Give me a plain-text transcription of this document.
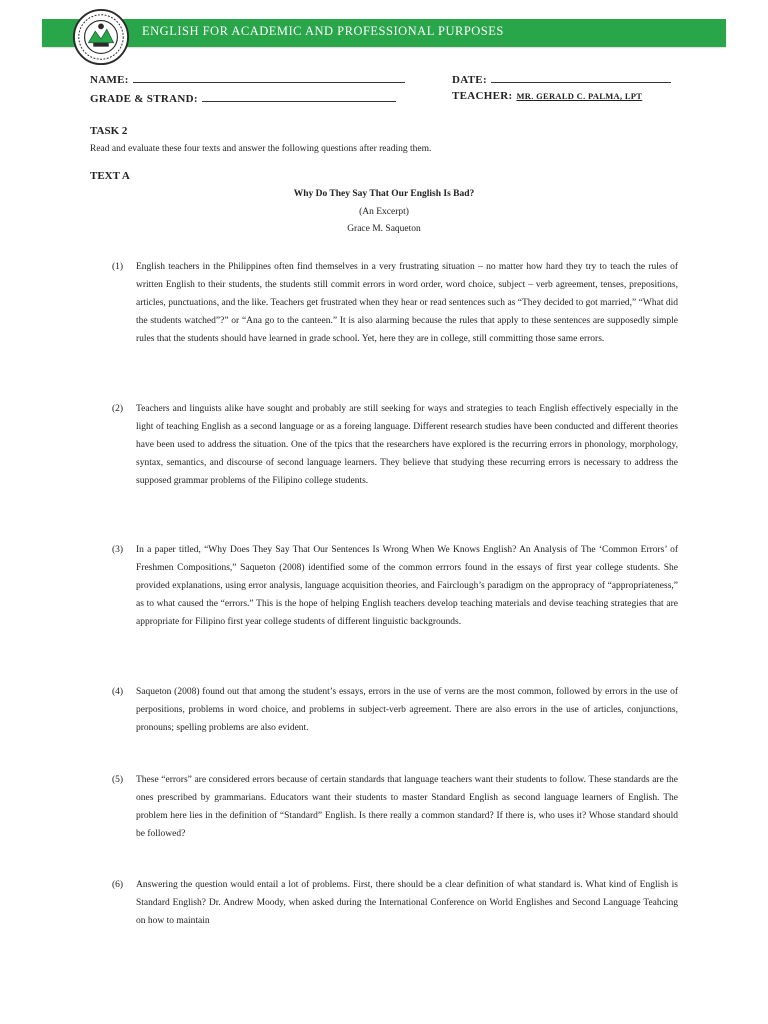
ENGLISH FOR ACADEMIC AND PROFESSIONAL PURPOSES
NAME:	DATE:
GRADE & STRAND:	TEACHER: MR. GERALD C. PALMA, LPT
TASK 2
Read and evaluate these four texts and answer the following questions after reading them.
TEXT A
Why Do They Say That Our English Is Bad?
(An Excerpt)
Grace M. Saqueton
(1) English teachers in the Philippines often find themselves in a very frustrating situation – no matter how hard they try to teach the rules of written English to their students, the students still commit errors in word order, word choice, subject – verb agreement, tenses, prepositions, articles, punctuations, and the like. Teachers get frustrated when they hear or read sentences such as “They decided to got married,” “What did the students watched”?” or “Ana go to the canteen.” It is also alarming because the rules that apply to these sentences are supposedly simple rules that the students should have learned in grade school. Yet, here they are in college, still committing those same errors.
(2) Teachers and linguists alike have sought and probably are still seeking for ways and strategies to teach English effectively especially in the light of teaching English as a second language or as a foreing language. Different research studies have been conducted and different theories have been used to address the situation. One of the tpics that the researchers have explored is the recurring errors in phonology, morphology, syntax, semantics, and discourse of second language learners. They believe that studying these recurring errors is necessary to address the supposed grammar problems of the Filipino college students.
(3) In a paper titled, “Why Does They Say That Our Sentences Is Wrong When We Knows English? An Analysis of The ‘Common Errors’ of Freshmen Compositions,” Saqueton (2008) identified some of the common errrors found in the essays of first year college students. She provided explanations, using error analysis, language acquisition theories, and Fairclough’s paradigm on the appropracy of “appropriateness,” as to what caused the “errors.” This is the hope of helping English teachers develop teaching materials and devise teaching strategies that are appropriate for Filipino first year college students of different linguistic backgrounds.
(4) Saqueton (2008) found out that among the student’s essays, errors in the use of verns are the most common, followed by errors in the use of perpositions, problems in word choice, and problems in subject-verb agreement. There are also errors in the use of articles, conjunctions, pronouns; spelling problems are also evident.
(5) These “errors” are considered errors because of certain standards that language teachers want their students to follow. These standards are the ones prescribed by grammarians. Educators want their students to master Standard English as second language learners of English. The problem here lies in the definition of “Standard” English. Is there really a common standard? If there is, who uses it? Whose standard should be followed?
(6) Answering the question would entail a lot of problems. First, there should be a clear definition of what standard is. What kind of English is Standard English? Dr. Andrew Moody, when asked during the International Conference on World Englishes and Second Language Teahcing on how to maintain
